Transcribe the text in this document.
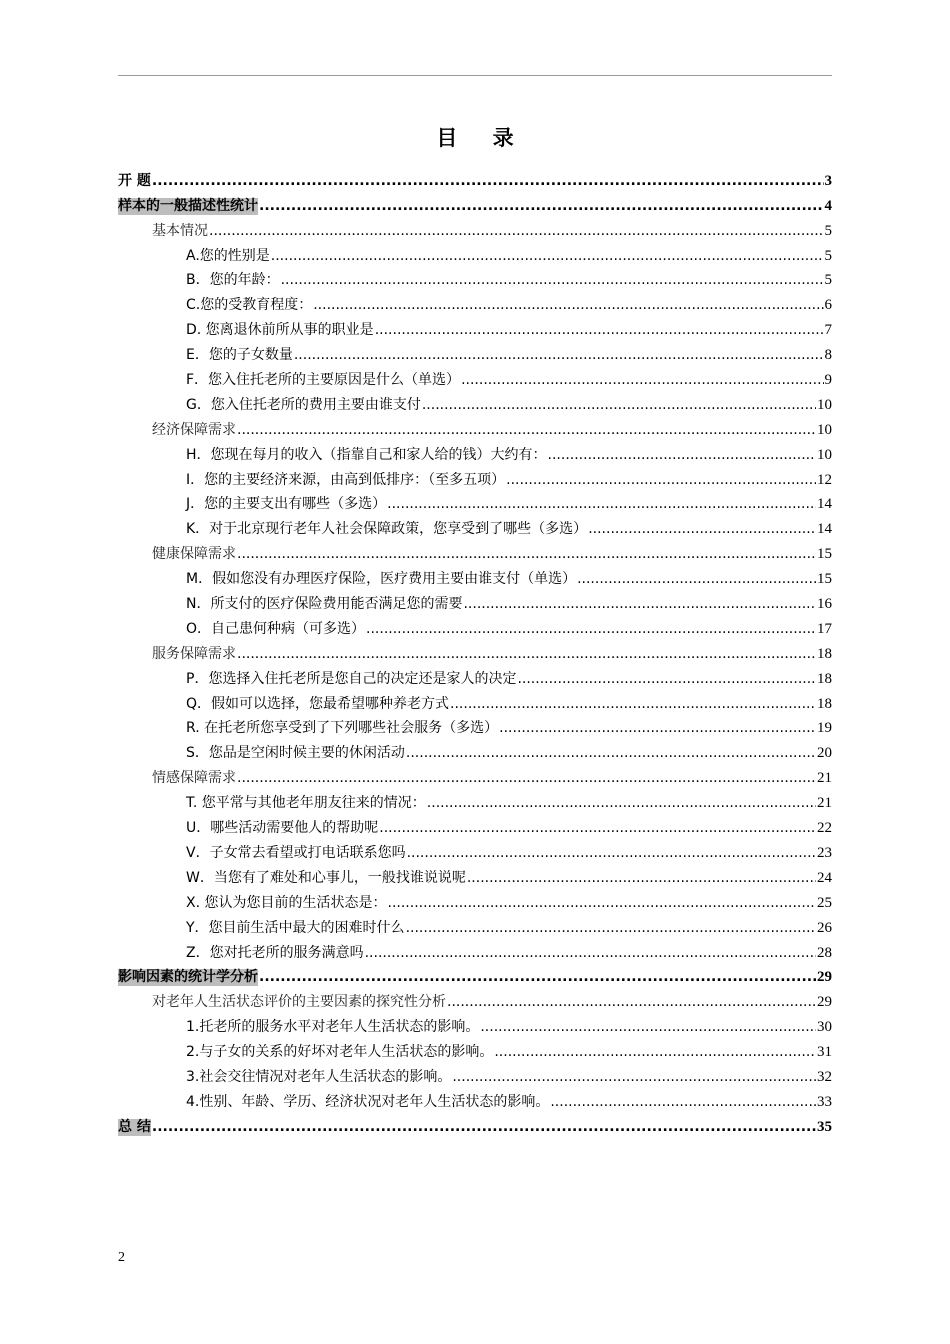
目 录
开 题 .....	3
样本的一般描述性统计 .....	4
基本情况 .....	5
A.您的性别是 .....	5
B．您的年龄： .....	5
C.您的受教育程度： .....	6
D. 您离退休前所从事的职业是 .....	7
E．您的子女数量 .....	8
F．您入住托老所的主要原因是什么（单选） .....	9
G．您入住托老所的费用主要由谁支付 .....	10
经济保障需求 .....	10
H．您现在每月的收入（指靠自己和家人给的钱）大约有： .....	10
I．您的主要经济来源，由高到低排序：（至多五项） .....	12
J．您的主要支出有哪些（多选） .....	14
K．对于北京现行老年人社会保障政策，您享受到了哪些（多选） .....	14
健康保障需求 .....	15
M．假如您没有办理医疗保险，医疗费用主要由谁支付（单选） .....	15
N．所支付的医疗保险费用能否满足您的需要 .....	16
O．自己患何种病（可多选） .....	17
服务保障需求 .....	18
P．您选择入住托老所是您自己的决定还是家人的决定 .....	18
Q．假如可以选择，您最希望哪种养老方式 .....	18
R. 在托老所您享受到了下列哪些社会服务（多选） .....	19
S．您品是空闲时候主要的休闲活动 .....	20
情感保障需求 .....	21
T. 您平常与其他老年朋友往来的情况： .....	21
U．哪些活动需要他人的帮助呢 .....	22
V．子女常去看望或打电话联系您吗 .....	23
W．当您有了难处和心事儿，一般找谁说说呢 .....	24
X. 您认为您目前的生活状态是： .....	25
Y．您目前生活中最大的困难时什么 .....	26
Z．您对托老所的服务满意吗 .....	28
影响因素的统计学分析 .....	29
对老年人生活状态评价的主要因素的探究性分析 .....	29
1.托老所的服务水平对老年人生活状态的影响。 .....	30
2.与子女的关系的好坏对老年人生活状态的影响。 .....	31
3.社会交往情况对老年人生活状态的影响。 .....	32
4.性别、年龄、学历、经济状况对老年人生活状态的影响。 .....	33
总 结 .....	35
2
